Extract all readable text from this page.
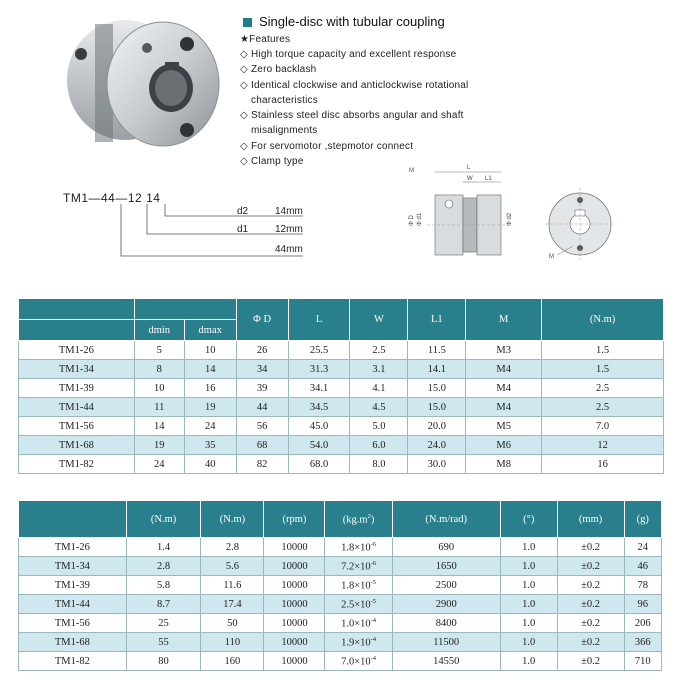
Single-disc with tubular coupling
★Features
◇ High torque capacity and excellent response
◇ Zero backlash
◇ Identical clockwise and anticlockwise rotational characteristics
◇ Stainless steel disc absorbs angular and shaft misalignments
◇ For servomotor ,stepmotor connect
◇ Clamp type
TM1—44—12 14
d2	14mm
d1	12mm
44mm
L
W L1
M
Φ D Φ d1	Φ d2
M
			Φ D	L	W	L1	M	(N.m)
	dmin	dmax						
TM1-26	5	10	26	25.5	2.5	11.5	M3	1.5
TM1-34	8	14	34	31.3	3.1	14.1	M4	1.5
TM1-39	10	16	39	34.1	4.1	15.0	M4	2.5
TM1-44	11	19	44	34.5	4.5	15.0	M4	2.5
TM1-56	14	24	56	45.0	5.0	20.0	M5	7.0
TM1-68	19	35	68	54.0	6.0	24.0	M6	12
TM1-82	24	40	82	68.0	8.0	30.0	M8	16
	(N.m)	(N.m)	(rpm)	$(kg.m^2)$	(N.m/rad)	(°)	(mm)	(g)
TM1-26	1.4	2.8	10000	$1.8\times 10^{-6}$	690	1.0	±0.2	24
TM1-34	2.8	5.6	10000	$7.2\times 10^{-6}$	1650	1.0	±0.2	46
TM1-39	5.8	11.6	10000	$1.8\times 10^{-5}$	2500	1.0	±0.2	78
TM1-44	8.7	17.4	10000	$2.5\times 10^{-5}$	2900	1.0	±0.2	96
TM1-56	25	50	10000	$1.0\times 10^{-4}$	8400	1.0	±0.2	206
TM1-68	55	110	10000	$1.9\times 10^{-4}$	11500	1.0	±0.2	366
TM1-82	80	160	10000	$7.0\times 10^{-4}$	14550	1.0	±0.2	710
